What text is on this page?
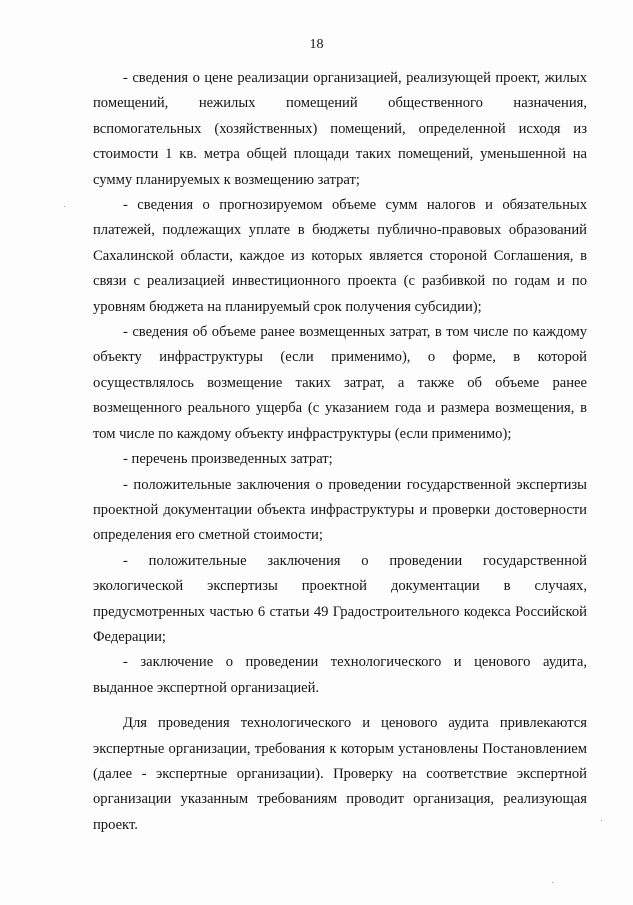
18

- сведения о цене реализации организацией, реализующей проект, жилых помещений, нежилых помещений общественного назначения, вспомогательных (хозяйственных) помещений, определенной исходя из стоимости 1 кв. метра общей площади таких помещений, уменьшенной на сумму планируемых к возмещению затрат;

- сведения о прогнозируемом объеме сумм налогов и обязательных платежей, подлежащих уплате в бюджеты публично-правовых образований Сахалинской области, каждое из которых является стороной Соглашения, в связи с реализацией инвестиционного проекта (с разбивкой по годам и по уровням бюджета на планируемый срок получения субсидии);

- сведения об объеме ранее возмещенных затрат, в том числе по каждому объекту инфраструктуры (если применимо), о форме, в которой осуществлялось возмещение таких затрат, а также об объеме ранее возмещенного реального ущерба (с указанием года и размера возмещения, в том числе по каждому объекту инфраструктуры (если применимо);

- перечень произведенных затрат;

- положительные заключения о проведении государственной экспертизы проектной документации объекта инфраструктуры и проверки достоверности определения его сметной стоимости;

- положительные заключения о проведении государственной экологической экспертизы проектной документации в случаях, предусмотренных частью 6 статьи 49 Градостроительного кодекса Российской Федерации;

- заключение о проведении технологического и ценового аудита, выданное экспертной организацией.

Для проведения технологического и ценового аудита привлекаются экспертные организации, требования к которым установлены Постановлением (далее - экспертные организации). Проверку на соответствие экспертной организации указанным требованиям проводит организация, реализующая проект.
